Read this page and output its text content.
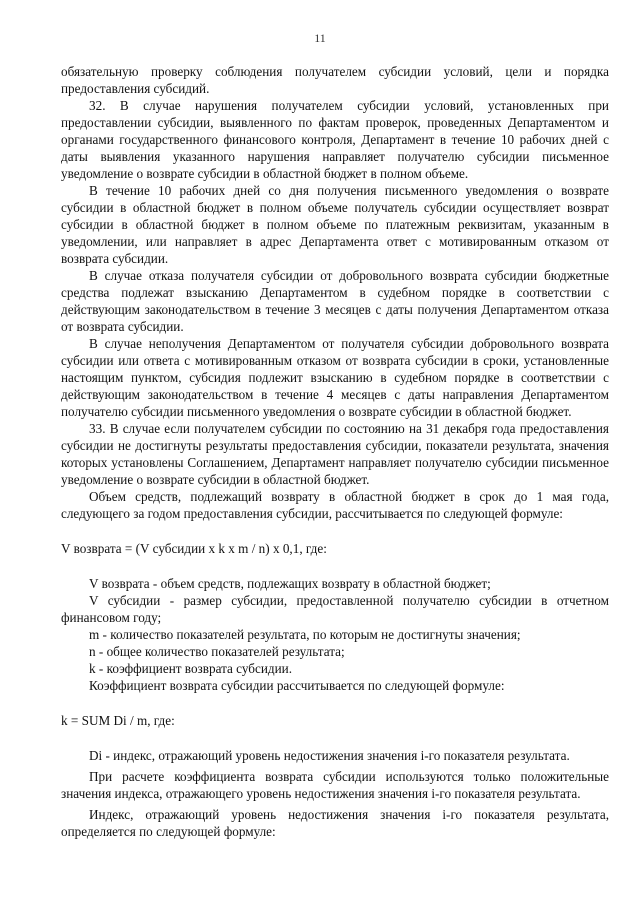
11

обязательную проверку соблюдения получателем субсидии условий, цели и порядка предоставления субсидий.

32. В случае нарушения получателем субсидии условий, установленных при предоставлении субсидии, выявленного по фактам проверок, проведенных Департаментом и органами государственного финансового контроля, Департамент в течение 10 рабочих дней с даты выявления указанного нарушения направляет получателю субсидии письменное уведомление о возврате субсидии в областной бюджет в полном объеме.

В течение 10 рабочих дней со дня получения письменного уведомления о возврате субсидии в областной бюджет в полном объеме получатель субсидии осуществляет возврат субсидии в областной бюджет в полном объеме по платежным реквизитам, указанным в уведомлении, или направляет в адрес Департамента ответ с мотивированным отказом от возврата субсидии.

В случае отказа получателя субсидии от добровольного возврата субсидии бюджетные средства подлежат взысканию Департаментом в судебном порядке в соответствии с действующим законодательством в течение 3 месяцев с даты получения Департаментом отказа от возврата субсидии.

В случае неполучения Департаментом от получателя субсидии добровольного возврата субсидии или ответа с мотивированным отказом от возврата субсидии в сроки, установленные настоящим пунктом, субсидия подлежит взысканию в судебном порядке в соответствии с действующим законодательством в течение 4 месяцев с даты направления Департаментом получателю субсидии письменного уведомления о возврате субсидии в областной бюджет.

33. В случае если получателем субсидии по состоянию на 31 декабря года предоставления субсидии не достигнуты результаты предоставления субсидии, показатели результата, значения которых установлены Соглашением, Департамент направляет получателю субсидии письменное уведомление о возврате субсидии в областной бюджет.

Объем средств, подлежащий возврату в областной бюджет в срок до 1 мая года, следующего за годом предоставления субсидии, рассчитывается по следующей формуле:

V возврата = (V субсидии x k x m / n) x 0,1, где:

V возврата - объем средств, подлежащих возврату в областной бюджет;

V субсидии - размер субсидии, предоставленной получателю субсидии в отчетном финансовом году;

m - количество показателей результата, по которым не достигнуты значения;

n - общее количество показателей результата;

k - коэффициент возврата субсидии.

Коэффициент возврата субсидии рассчитывается по следующей формуле:

k = SUM Di / m, где:

Di - индекс, отражающий уровень недостижения значения i-го показателя результата.

При расчете коэффициента возврата субсидии используются только положительные значения индекса, отражающего уровень недостижения значения i-го показателя результата.

Индекс, отражающий уровень недостижения значения i-го показателя результата, определяется по следующей формуле:
